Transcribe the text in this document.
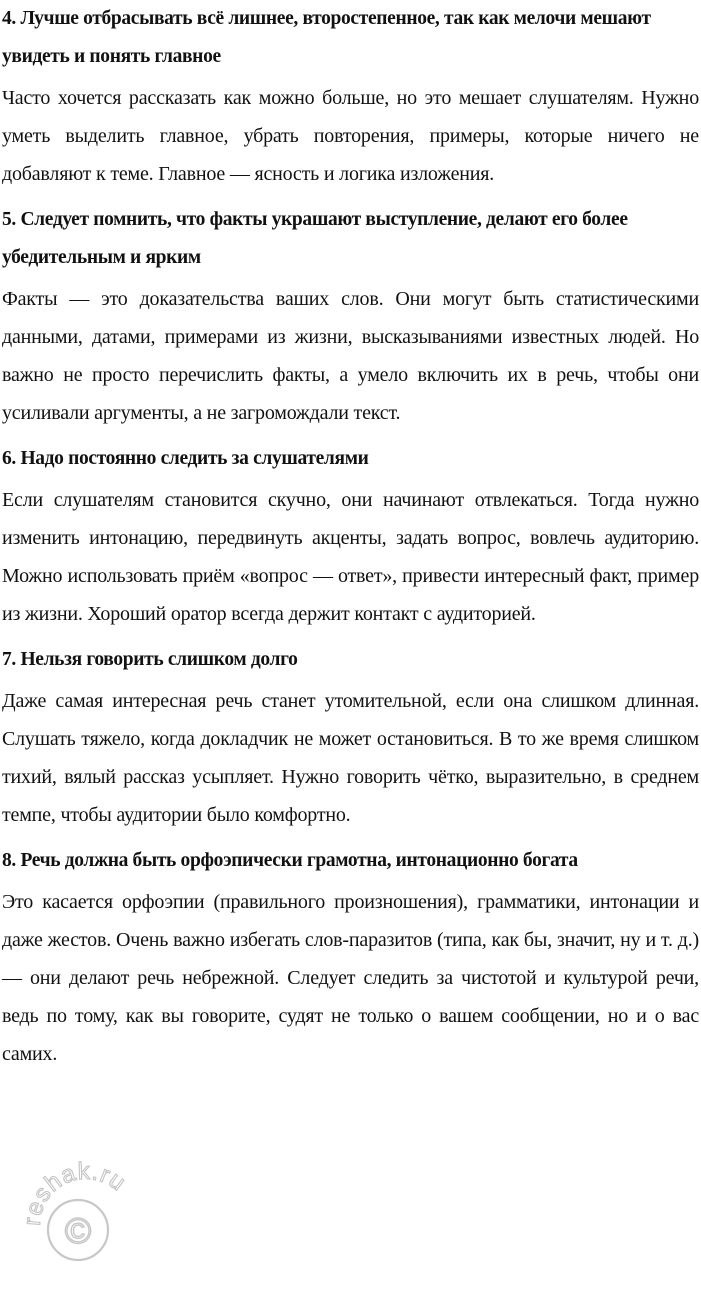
4. Лучше отбрасывать всё лишнее, второстепенное, так как мелочи мешают увидеть и понять главное

Часто хочется рассказать как можно больше, но это мешает слушателям. Нужно уметь выделить главное, убрать повторения, примеры, которые ничего не добавляют к теме. Главное — ясность и логика изложения.

5. Следует помнить, что факты украшают выступление, делают его более убедительным и ярким

Факты — это доказательства ваших слов. Они могут быть статистическими данными, датами, примерами из жизни, высказываниями известных людей. Но важно не просто перечислить факты, а умело включить их в речь, чтобы они усиливали аргументы, а не загромождали текст.

6. Надо постоянно следить за слушателями

Если слушателям становится скучно, они начинают отвлекаться. Тогда нужно изменить интонацию, передвинуть акценты, задать вопрос, вовлечь аудиторию. Можно использовать приём «вопрос — ответ», привести интересный факт, пример из жизни. Хороший оратор всегда держит контакт с аудиторией.

7. Нельзя говорить слишком долго

Даже самая интересная речь станет утомительной, если она слишком длинная. Слушать тяжело, когда докладчик не может остановиться. В то же время слишком тихий, вялый рассказ усыпляет. Нужно говорить чётко, выразительно, в среднем темпе, чтобы аудитории было комфортно.

8. Речь должна быть орфоэпически грамотна, интонационно богата

Это касается орфоэпии (правильного произношения), грамматики, интонации и даже жестов. Очень важно избегать слов-паразитов (типа, как бы, значит, ну и т. д.) — они делают речь небрежной. Следует следить за чистотой и культурой речи, ведь по тому, как вы говорите, судят не только о вашем сообщении, но и о вас самих.

©
reshak.ru
